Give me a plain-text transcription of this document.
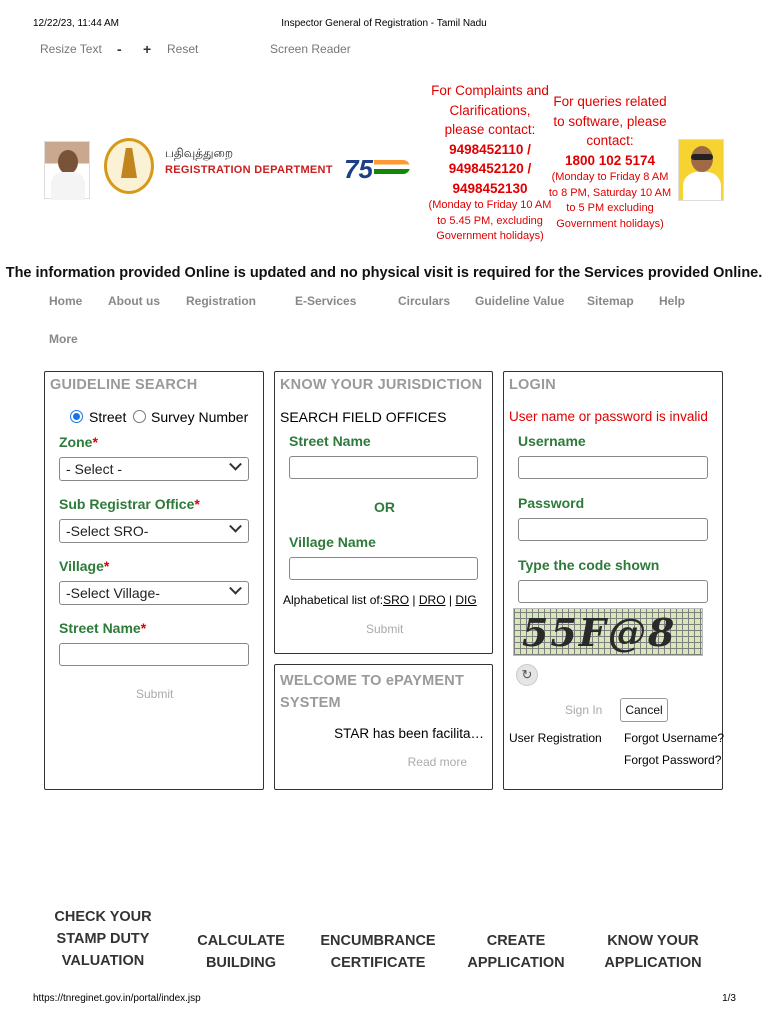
12/22/23, 11:44 AM	Inspector General of Registration - Tamil Nadu
Resize Text - + Reset	Screen Reader
பதிவுத்துறை
REGISTRATION DEPARTMENT 75
For Complaints and Clarifications, please contact:
9498452110 /
9498452120 /
9498452130
(Monday to Friday 10 AM to 5.45 PM, excluding Government holidays)
For queries related to software, please contact:
1800 102 5174
(Monday to Friday 8 AM to 8 PM, Saturday 10 AM to 5 PM excluding Government holidays)
The information provided Online is updated and no physical visit is required for the Services provided Online.
Home About us Registration	E-Services	Circulars Guideline Value Sitemap Help
More
GUIDELINE SEARCH
Street Survey Number
Zone*
- Select -
Sub Registrar Office*
-Select SRO-
Village*
-Select Village-
Street Name*
Submit
KNOW YOUR JURISDICTION
SEARCH FIELD OFFICES
Street Name
OR
Village Name
Alphabetical list of:SRO | DRO | DIG
Submit
WELCOME TO ePAYMENT
SYSTEM
STAR has been facilita…
Read more
LOGIN
User name or password is invalid
Username
Password
Type the code shown
55F@8
↻
Sign In	Cancel
User Registration Forgot Username?
Forgot Password?
CHECK YOUR
STAMP DUTY
VALUATION
CALCULATE
BUILDING
ENCUMBRANCE
CERTIFICATE
CREATE
APPLICATION
KNOW YOUR
APPLICATION
https://tnreginet.gov.in/portal/index.jsp	1/3
